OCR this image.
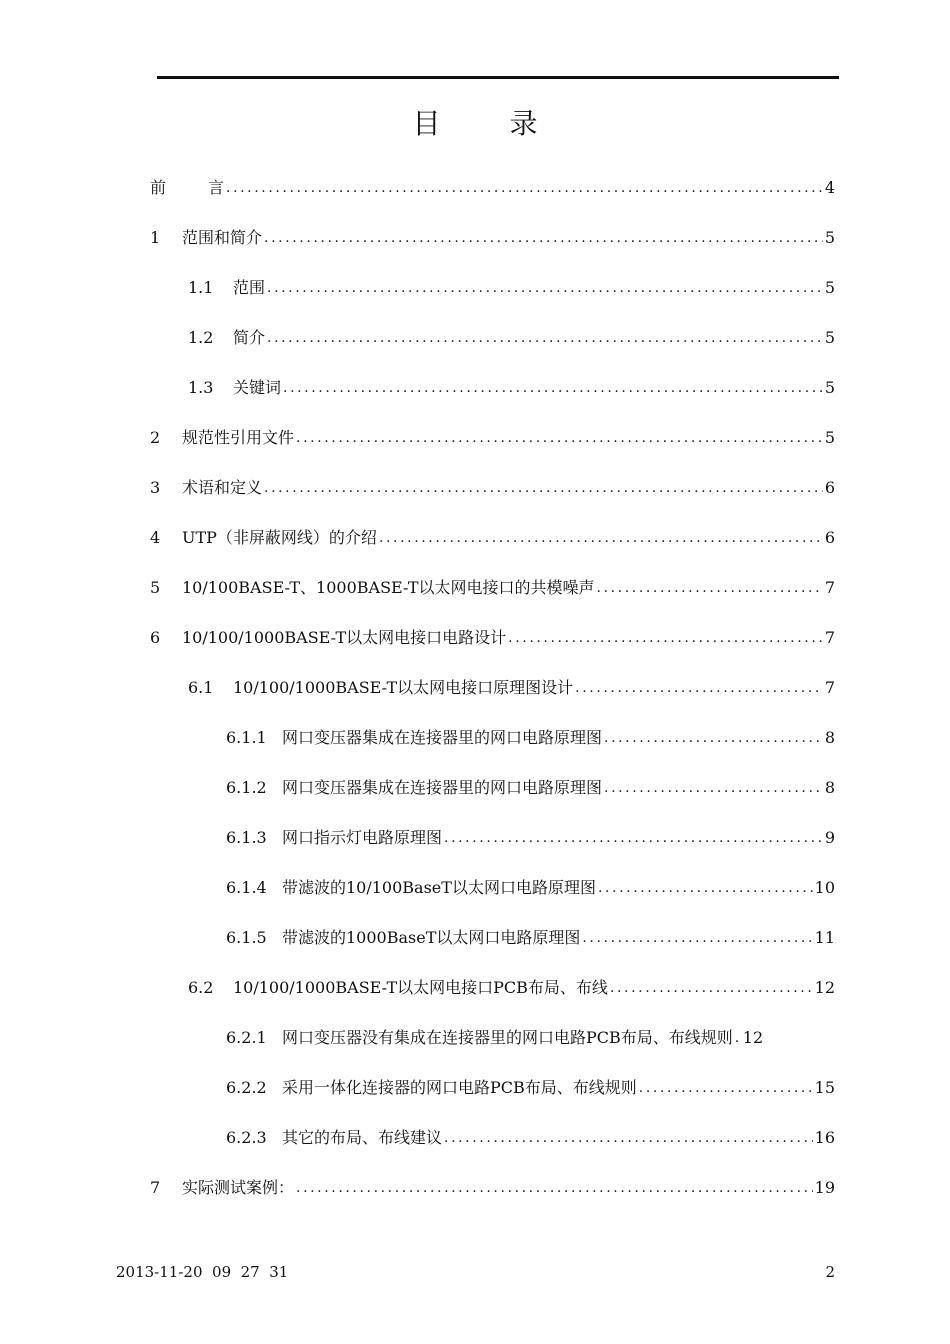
目 录
前	言 .....	4
1	范围和简介 .....	5
1.1	范围 .....	5
1.2	简介 .....	5
1.3	关键词 .....	5
2	规范性引用文件 .....	5
3	术语和定义 .....	6
4	UTP（非屏蔽网线）的介绍 .....	6
5	10/100BASE-T、1000BASE-T以太网电接口的共模噪声 .....	7
6	10/100/1000BASE-T以太网电接口电路设计 .....	7
6.1	10/100/1000BASE-T以太网电接口原理图设计 .....	7
6.1.1 网口变压器集成在连接器里的网口电路原理图 .....	8
6.1.2 网口变压器集成在连接器里的网口电路原理图 .....	8
6.1.3 网口指示灯电路原理图 .....	9
6.1.4 带滤波的10/100BaseT以太网口电路原理图 .....	10
6.1.5 带滤波的1000BaseT以太网口电路原理图 .....	11
6.2	10/100/1000BASE-T以太网电接口PCB布局、布线 .....	12
6.2.1 网口变压器没有集成在连接器里的网口电路PCB布局、布线规则 ..... 12
6.2.2 采用一体化连接器的网口电路PCB布局、布线规则 .....	15
6.2.3 其它的布局、布线建议 .....	16
7	实际测试案例： .....	19
2013-11-20  09  27  31	2
